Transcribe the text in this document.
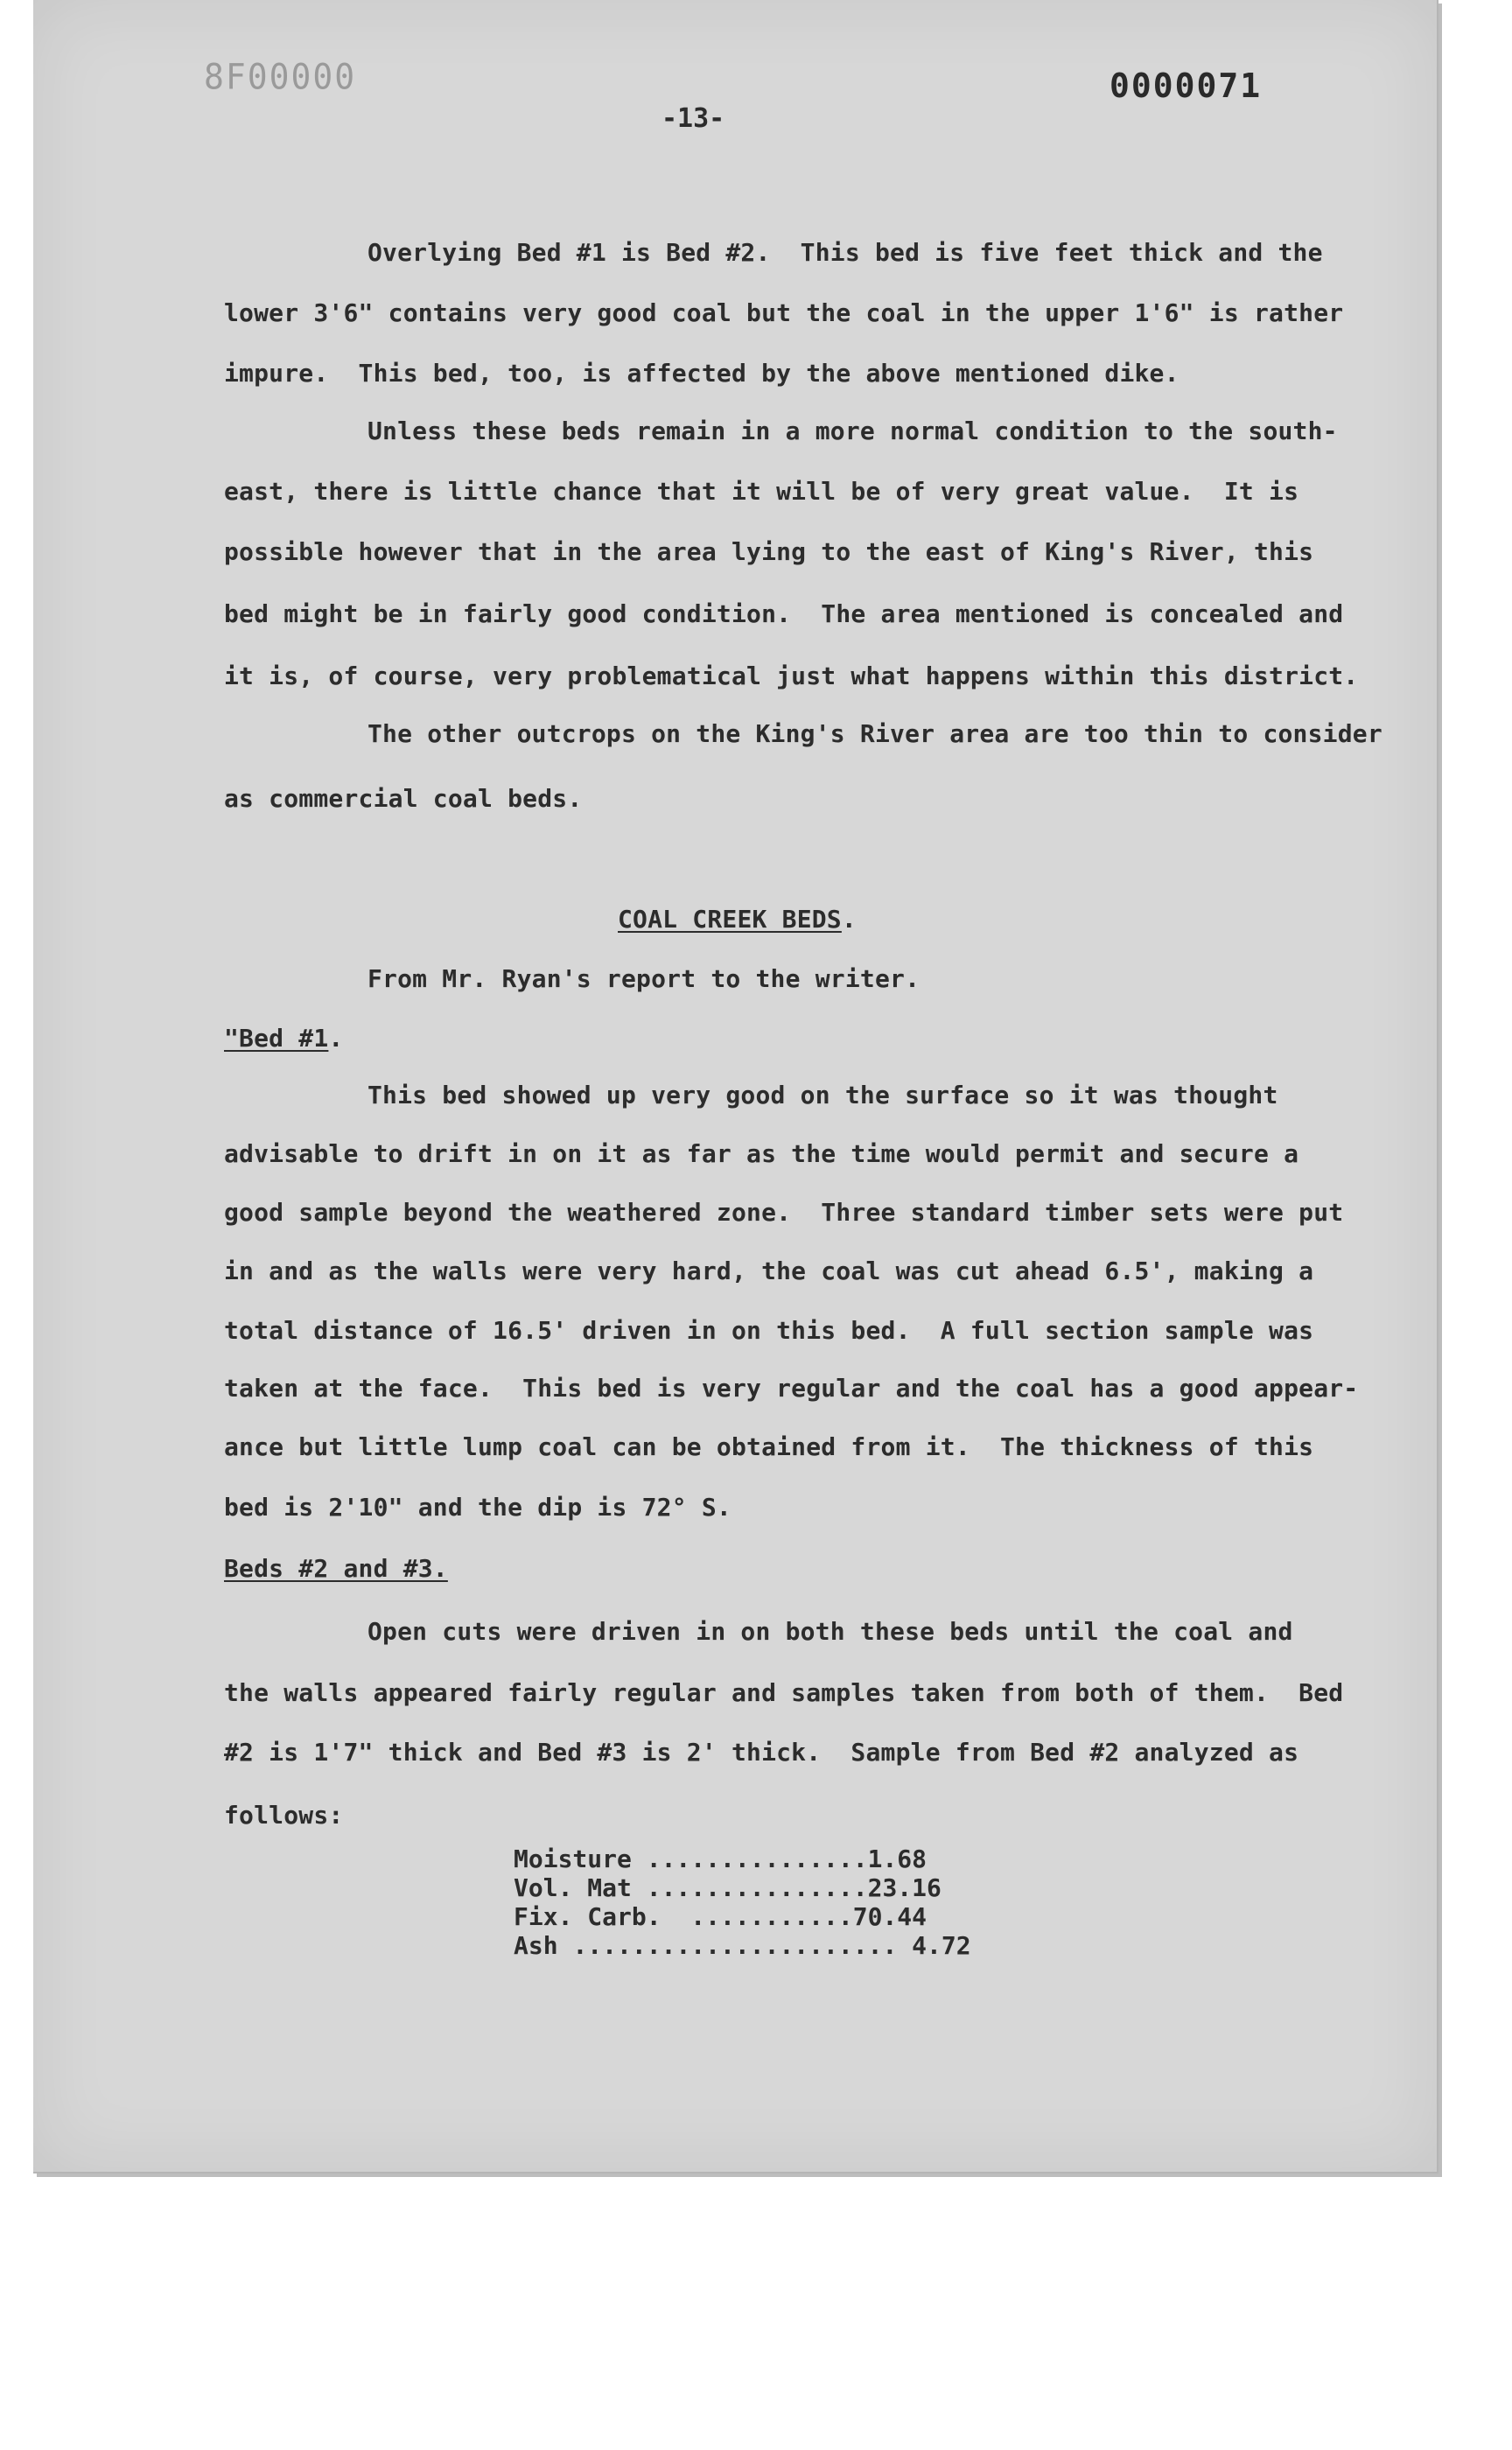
8F00000	0000071
-13-
Overlying Bed #1 is Bed #2.  This bed is five feet thick and the
lower 3'6" contains very good coal but the coal in the upper 1'6" is rather
impure.  This bed, too, is affected by the above mentioned dike.
Unless these beds remain in a more normal condition to the south-
east, there is little chance that it will be of very great value.  It is
possible however that in the area lying to the east of King's River, this
bed might be in fairly good condition.  The area mentioned is concealed and
it is, of course, very problematical just what happens within this district.
The other outcrops on the King's River area are too thin to consider
as commercial coal beds.
COAL CREEK BEDS.
From Mr. Ryan's report to the writer.
"Bed #1.
This bed showed up very good on the surface so it was thought
advisable to drift in on it as far as the time would permit and secure a
good sample beyond the weathered zone.  Three standard timber sets were put
in and as the walls were very hard, the coal was cut ahead 6.5', making a
total distance of 16.5' driven in on this bed.  A full section sample was
taken at the face.  This bed is very regular and the coal has a good appear-
ance but little lump coal can be obtained from it.  The thickness of this
bed is 2'10" and the dip is 72° S.
Beds #2 and #3.
Open cuts were driven in on both these beds until the coal and
the walls appeared fairly regular and samples taken from both of them.  Bed
#2 is 1'7" thick and Bed #3 is 2' thick.  Sample from Bed #2 analyzed as
follows:
Moisture ...............1.68
Vol. Mat ...............23.16
Fix. Carb.  ...........70.44
Ash ...................... 4.72
